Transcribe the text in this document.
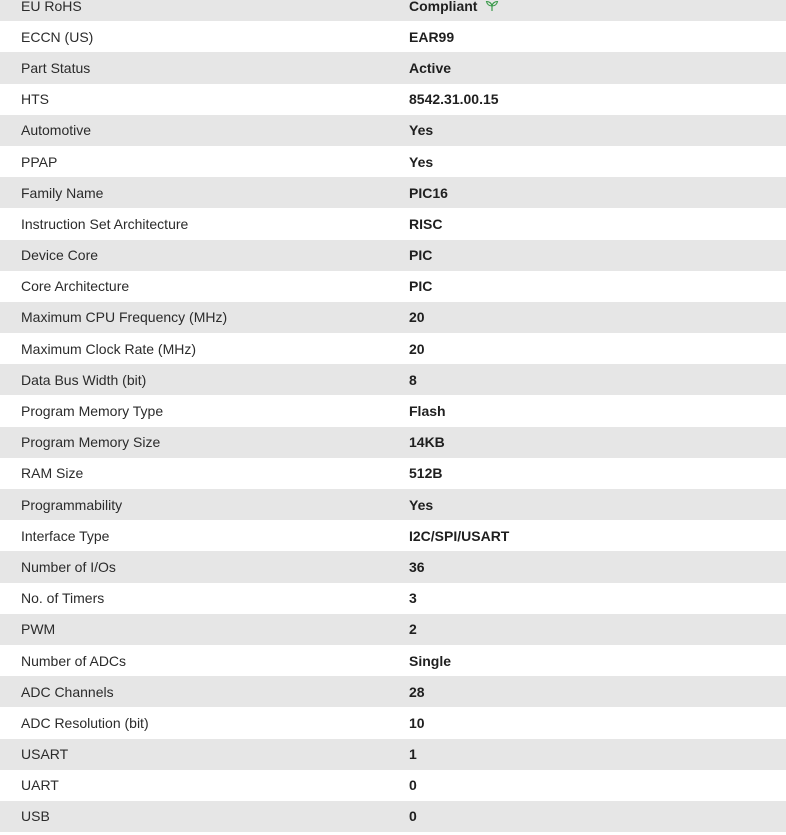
EU RoHS	Compliant
ECCN (US)	EAR99
Part Status	Active
HTS	8542.31.00.15
Automotive	Yes
PPAP	Yes
Family Name	PIC16
Instruction Set Architecture	RISC
Device Core	PIC
Core Architecture	PIC
Maximum CPU Frequency (MHz)	20
Maximum Clock Rate (MHz)	20
Data Bus Width (bit)	8
Program Memory Type	Flash
Program Memory Size	14KB
RAM Size	512B
Programmability	Yes
Interface Type	I2C/SPI/USART
Number of I/Os	36
No. of Timers	3
PWM	2
Number of ADCs	Single
ADC Channels	28
ADC Resolution (bit)	10
USART	1
UART	0
USB	0
